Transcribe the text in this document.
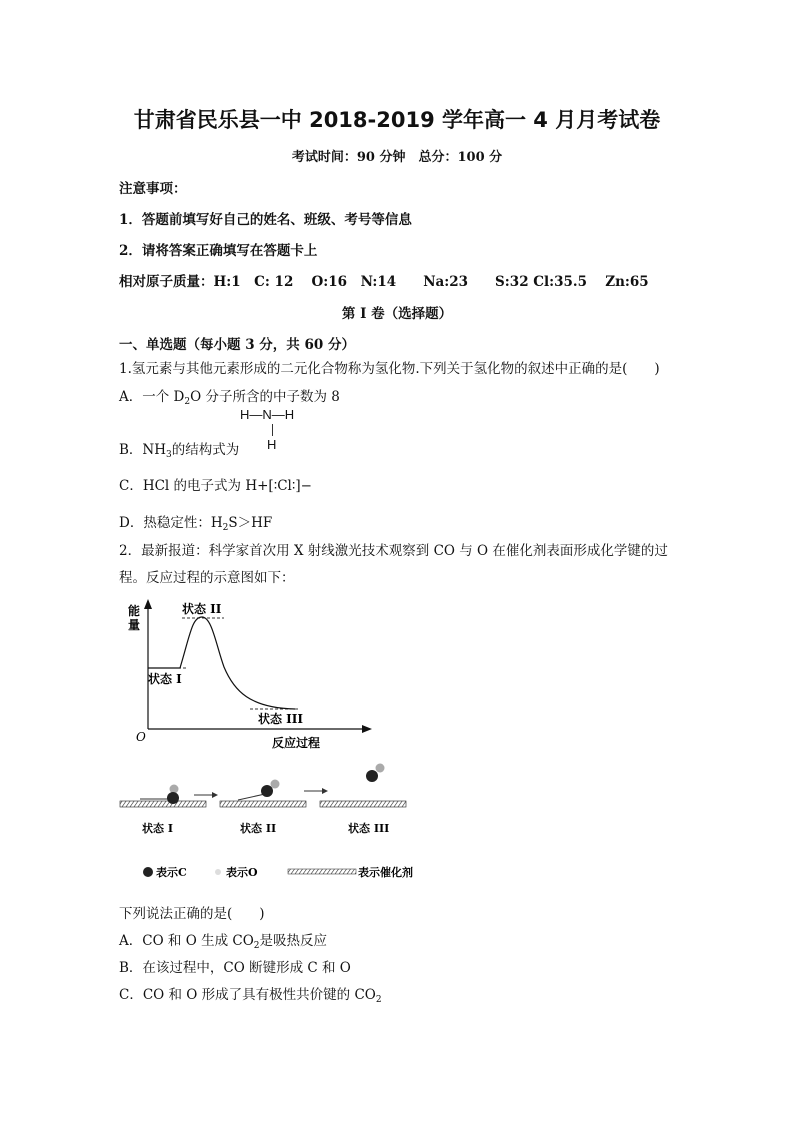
甘肃省民乐县一中 2018-2019 学年高一 4 月月考试卷
考试时间：90 分钟　总分：100 分
注意事项：
1．答题前填写好自己的姓名、班级、考号等信息
2．请将答案正确填写在答题卡上
相对原子质量：H:1　C: 12　 O:16　N:14　　Na:23　　S:32 Cl:35.5　 Zn:65
第 I 卷（选择题）
一、单选题（每小题 3 分，共 60 分）
1.氢元素与其他元素形成的二元化合物称为氢化物.下列关于氢化物的叙述中正确的是(　　)
A．一个 $D_2O$ 分子所含的中子数为 8
H—N—H
H
B．$NH_3$的结构式为
C．HCl 的电子式为 H+[∶Cl∶]−
D．热稳定性：$H_2S>HF$
2．最新报道：科学家首次用 X 射线激光技术观察到 CO 与 O 在催化剂表面形成化学键的过
程。反应过程的示意图如下：
能
量
O	反应过程
状态 I
状态 II
状态 III
状态 I	状态 II	状态 III
表示C	表示O	表示催化剂
下列说法正确的是(　　)
A．CO 和 O 生成 $CO_2$是吸热反应
B．在该过程中，CO 断键形成 C 和 O
C．CO 和 O 形成了具有极性共价键的 $CO_2$
